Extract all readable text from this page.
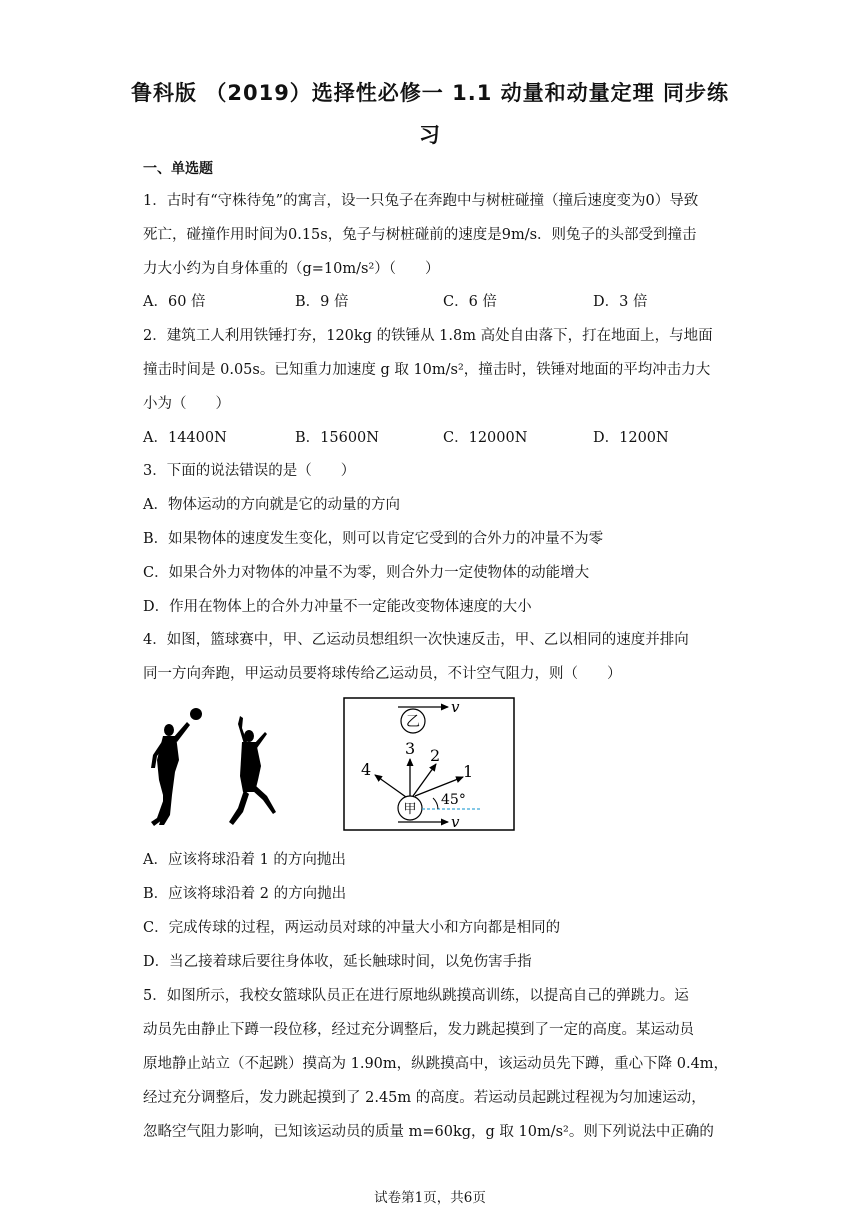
鲁科版 （2019）选择性必修一 1.1 动量和动量定理 同步练
习
一、单选题
1．古时有“守株待兔”的寓言，设一只兔子在奔跑中与树桩碰撞（撞后速度变为0）导致
死亡，碰撞作用时间为0.15s，兔子与树桩碰前的速度是9m/s．则兔子的头部受到撞击
力大小约为自身体重的（g=10m/s²）（　　）
A．60 倍	B．9 倍	C．6 倍	D．3 倍
2．建筑工人利用铁锤打夯，120kg 的铁锤从 1.8m 高处自由落下，打在地面上，与地面
撞击时间是 0.05s。已知重力加速度 g 取 10m/s²，撞击时，铁锤对地面的平均冲击力大
小为（　　）
A．14400N	B．15600N	C．12000N	D．1200N
3．下面的说法错误的是（　　）
A．物体运动的方向就是它的动量的方向
B．如果物体的速度发生变化，则可以肯定它受到的合外力的冲量不为零
C．如果合外力对物体的冲量不为零，则合外力一定使物体的动能增大
D．作用在物体上的合外力冲量不一定能改变物体速度的大小
4．如图，篮球赛中，甲、乙运动员想组织一次快速反击，甲、乙以相同的速度并排向
同一方向奔跑，甲运动员要将球传给乙运动员，不计空气阻力，则（　　）
乙
v
甲
v
45°
1
2
3
4
A．应该将球沿着 1 的方向抛出
B．应该将球沿着 2 的方向抛出
C．完成传球的过程，两运动员对球的冲量大小和方向都是相同的
D．当乙接着球后要往身体收，延长触球时间，以免伤害手指
5．如图所示，我校女篮球队员正在进行原地纵跳摸高训练，以提高自己的弹跳力。运
动员先由静止下蹲一段位移，经过充分调整后，发力跳起摸到了一定的高度。某运动员
原地静止站立（不起跳）摸高为 1.90m，纵跳摸高中，该运动员先下蹲，重心下降 0.4m，
经过充分调整后，发力跳起摸到了 2.45m 的高度。若运动员起跳过程视为匀加速运动，
忽略空气阻力影响，已知该运动员的质量 m=60kg，g 取 10m/s²。则下列说法中正确的
试卷第1页，共6页
